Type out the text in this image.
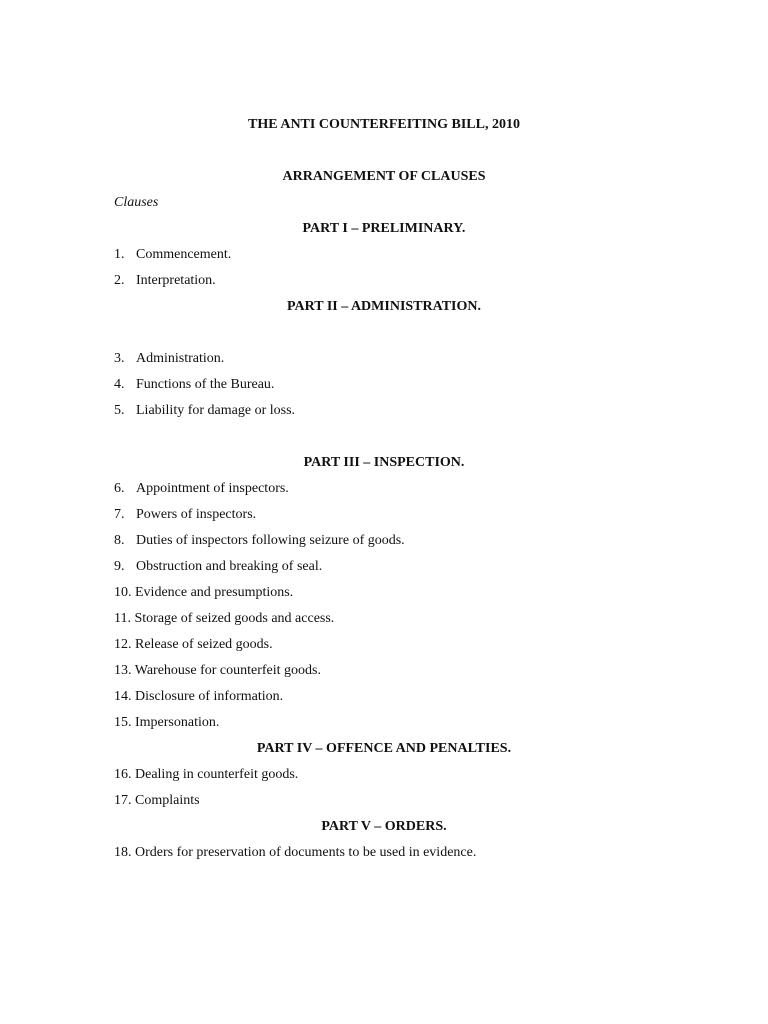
THE ANTI COUNTERFEITING BILL, 2010
ARRANGEMENT OF CLAUSES
Clauses
PART I – PRELIMINARY.
1. Commencement.
2. Interpretation.
PART II – ADMINISTRATION.
3. Administration.
4. Functions of the Bureau.
5. Liability for damage or loss.
PART III – INSPECTION.
6. Appointment of inspectors.
7. Powers of inspectors.
8. Duties of inspectors following seizure of goods.
9. Obstruction and breaking of seal.
10. Evidence and presumptions.
11. Storage of seized goods and access.
12. Release of seized goods.
13. Warehouse for counterfeit goods.
14. Disclosure of information.
15. Impersonation.
PART IV – OFFENCE AND PENALTIES.
16. Dealing in counterfeit goods.
17. Complaints
PART V – ORDERS.
18. Orders for preservation of documents to be used in evidence.
